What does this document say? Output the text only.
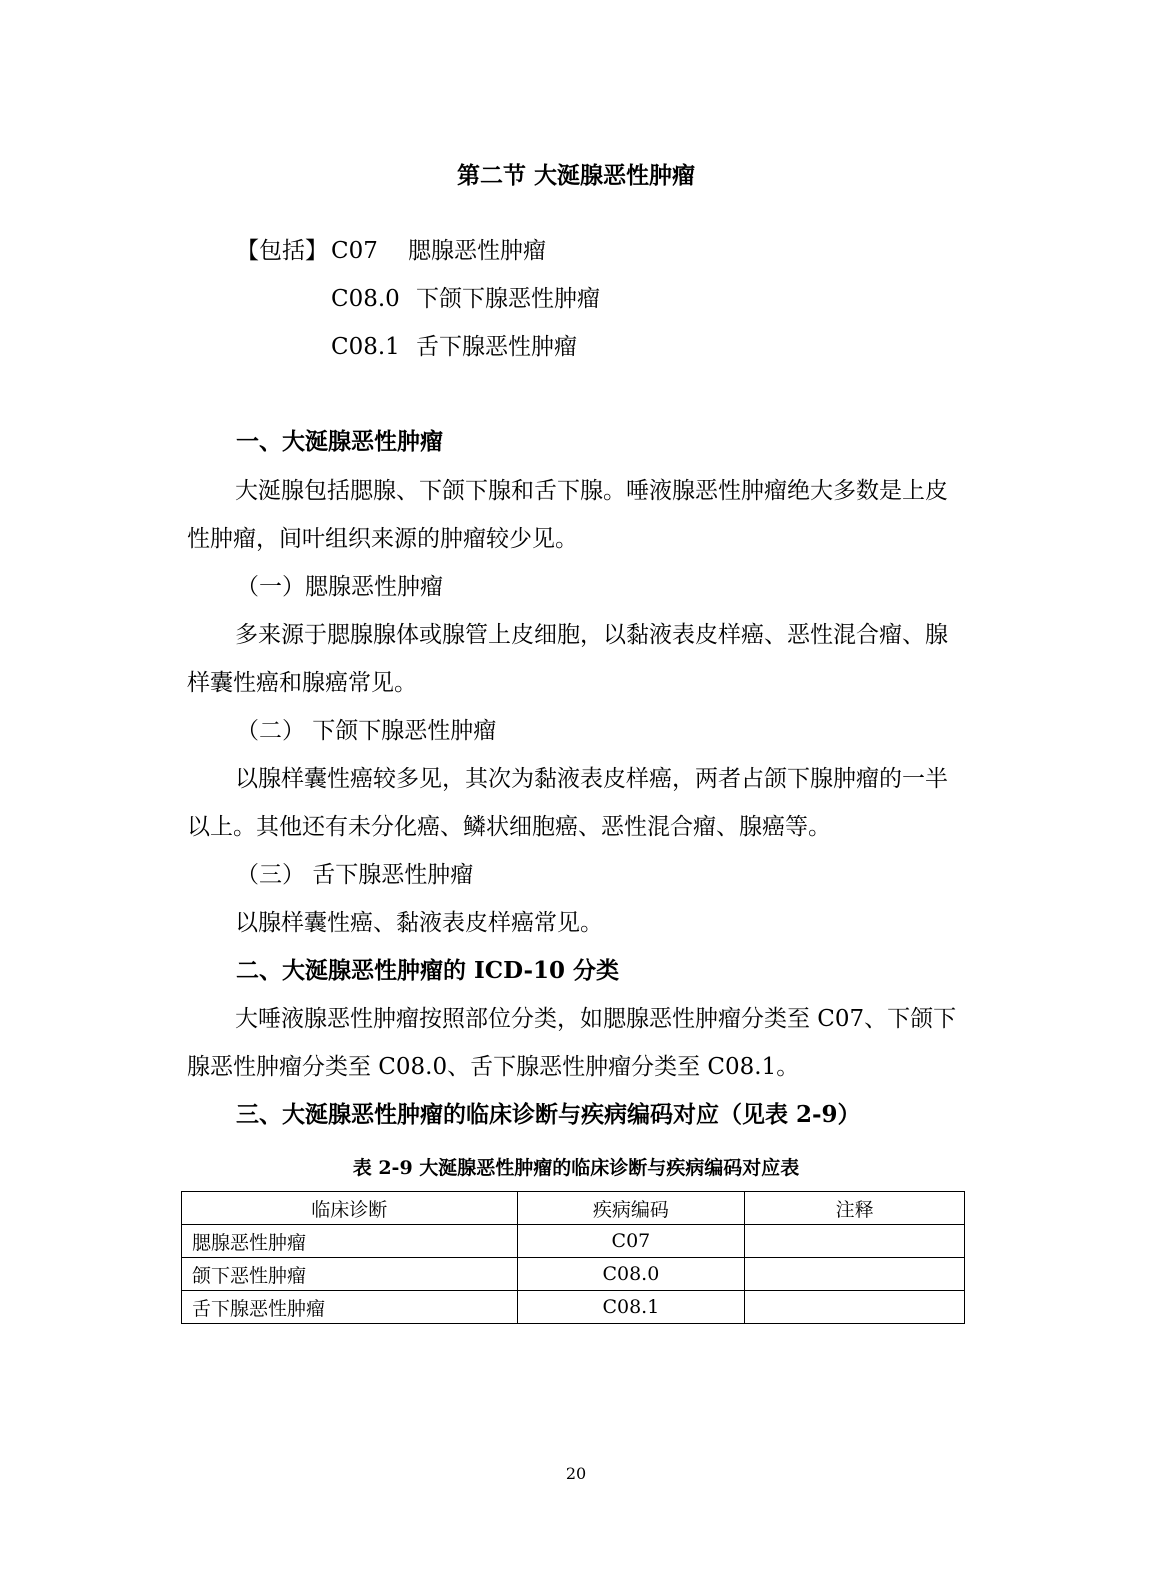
第二节 大涎腺恶性肿瘤
【包括】 C07 腮腺恶性肿瘤
C08.0 下颌下腺恶性肿瘤
C08.1 舌下腺恶性肿瘤
一、大涎腺恶性肿瘤
大涎腺包括腮腺、下颌下腺和舌下腺。唾液腺恶性肿瘤绝大多数是上皮性肿瘤，间叶组织来源的肿瘤较少见。
（一）腮腺恶性肿瘤
多来源于腮腺腺体或腺管上皮细胞，以黏液表皮样癌、恶性混合瘤、腺样囊性癌和腺癌常见。
（二） 下颌下腺恶性肿瘤
以腺样囊性癌较多见，其次为黏液表皮样癌，两者占颌下腺肿瘤的一半以上。其他还有未分化癌、鳞状细胞癌、恶性混合瘤、腺癌等。
（三） 舌下腺恶性肿瘤
以腺样囊性癌、黏液表皮样癌常见。
二、大涎腺恶性肿瘤的 ICD-10 分类
大唾液腺恶性肿瘤按照部位分类，如腮腺恶性肿瘤分类至 C07、下颌下腺恶性肿瘤分类至 C08.0、舌下腺恶性肿瘤分类至 C08.1。
三、大涎腺恶性肿瘤的临床诊断与疾病编码对应（见表 2-9）
表 2-9 大涎腺恶性肿瘤的临床诊断与疾病编码对应表
临床诊断	疾病编码	注释
腮腺恶性肿瘤	C07	
颌下恶性肿瘤	C08.0	
舌下腺恶性肿瘤	C08.1	
20
